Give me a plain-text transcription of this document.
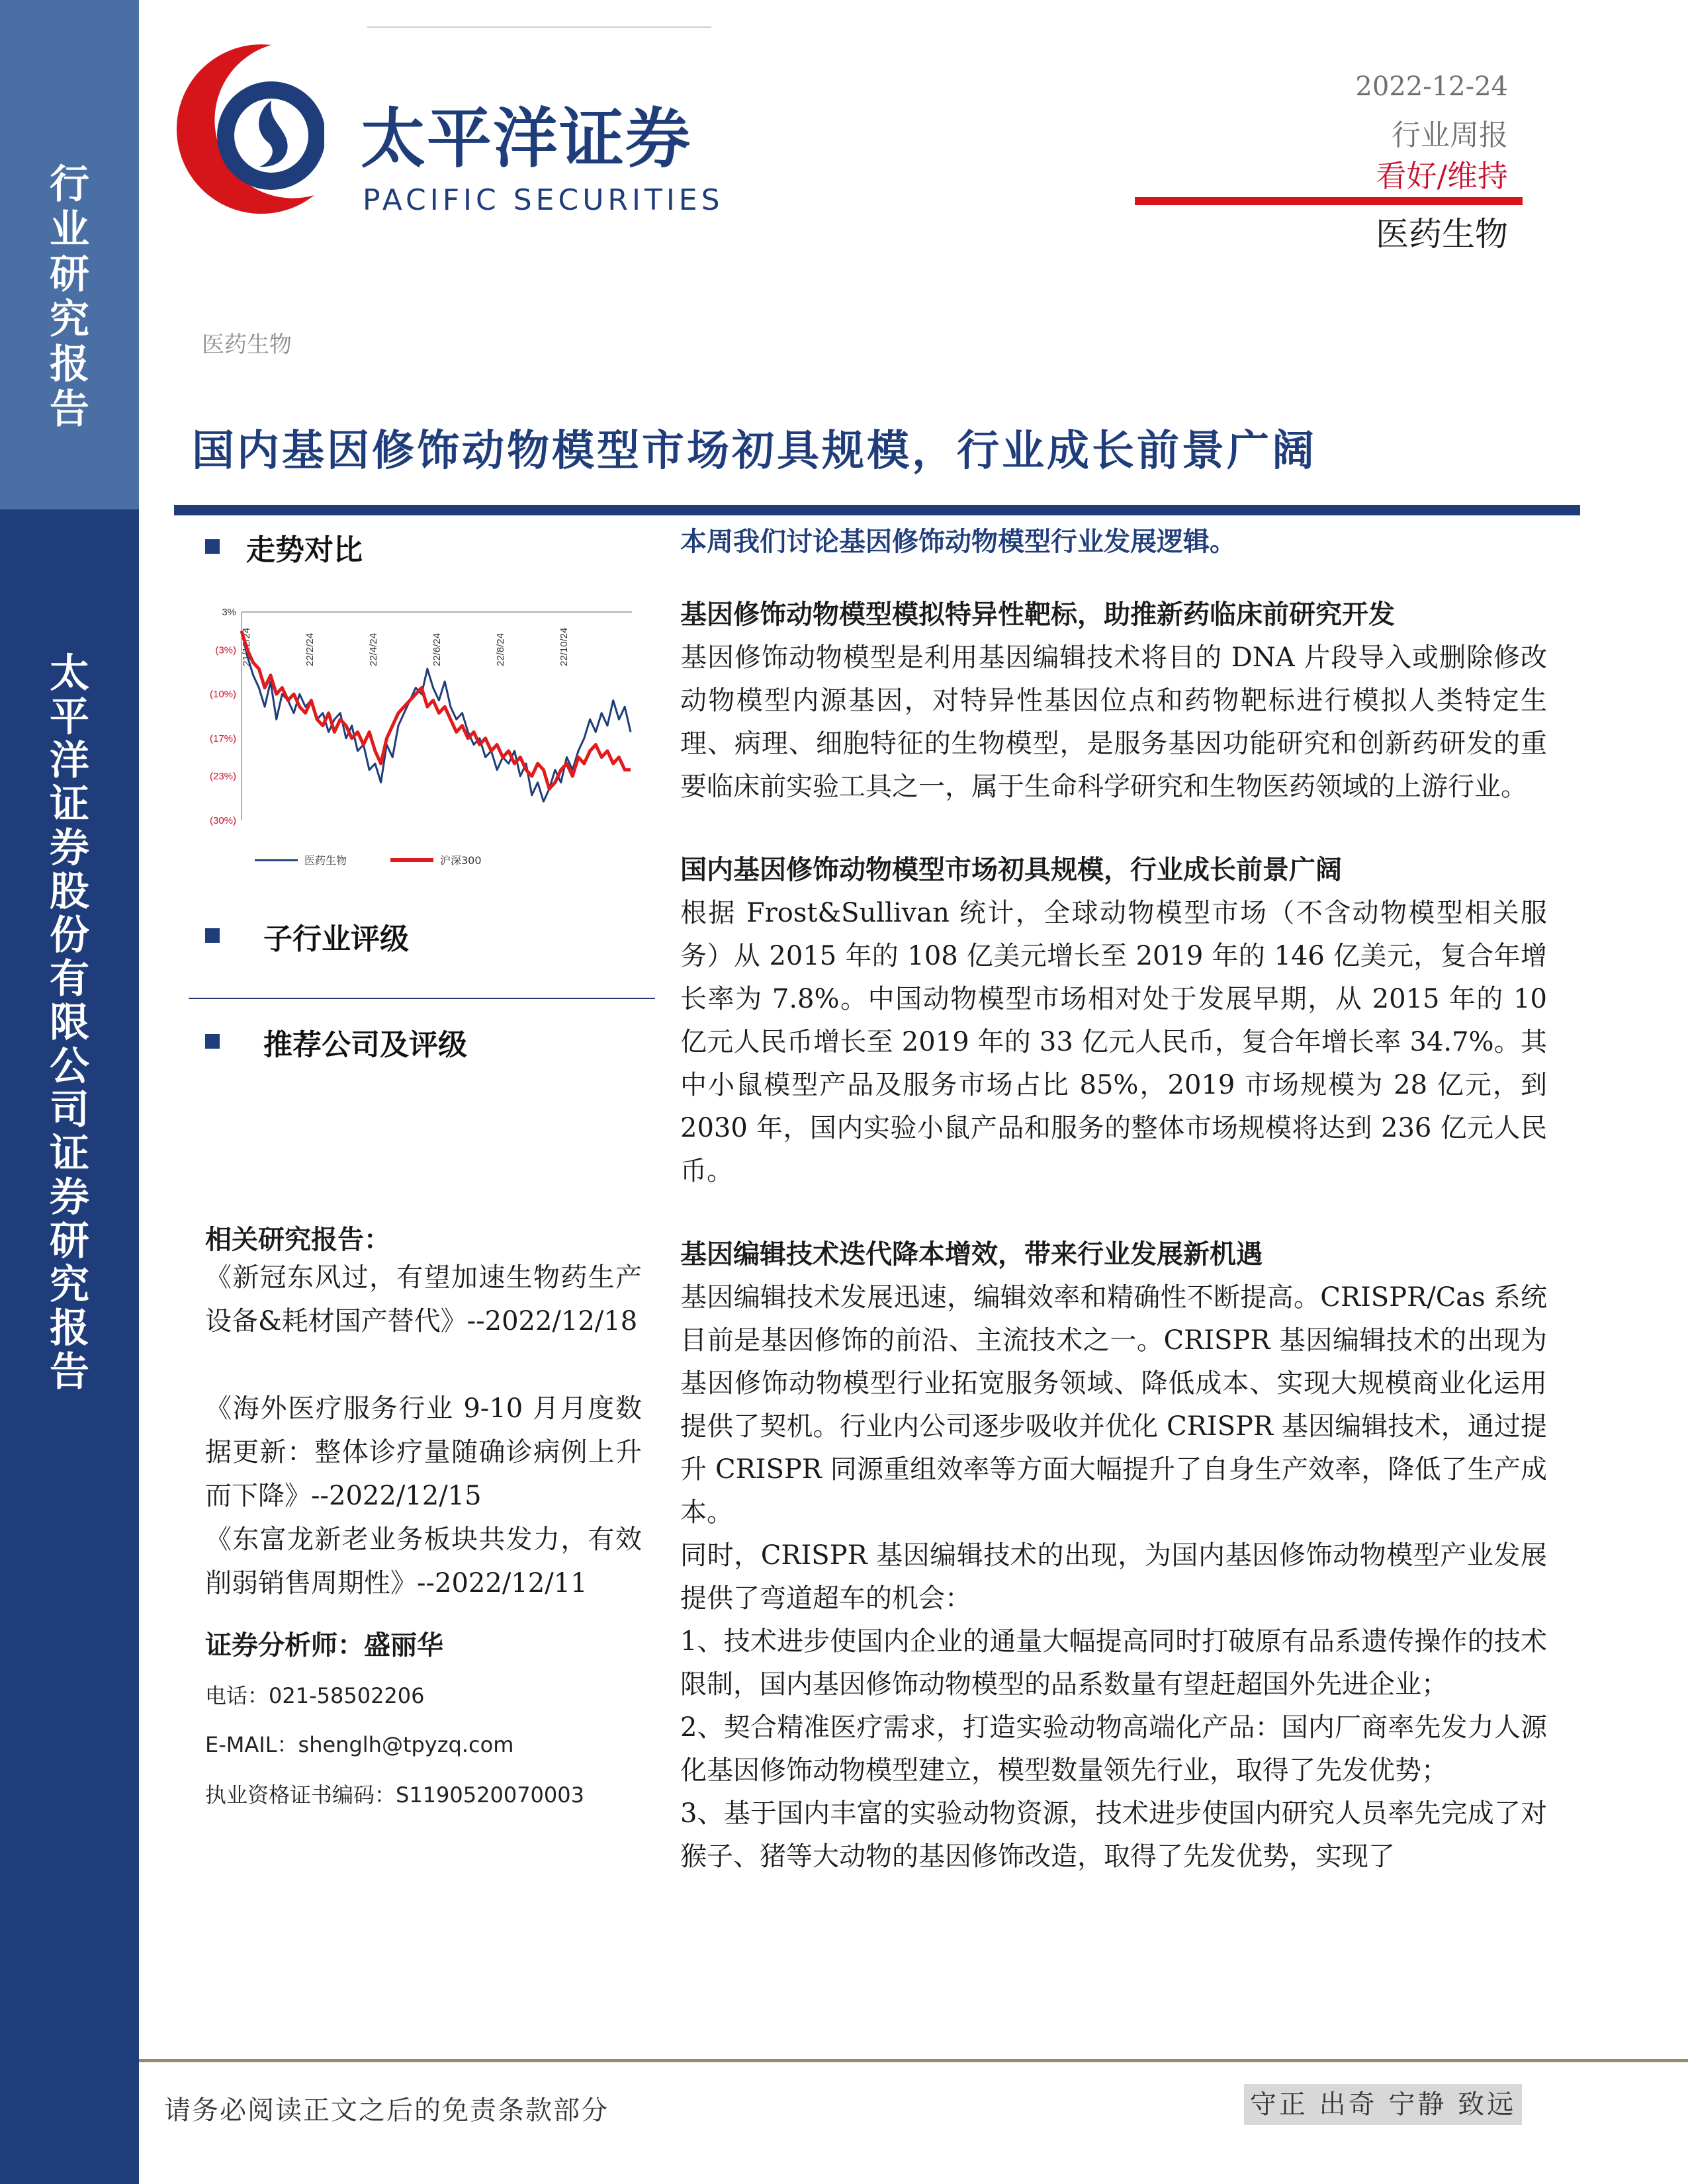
行业研究报告
太平洋证券股份有限公司证券研究报告
太平洋证券
PACIFIC SECURITIES
2022-12-24
行业周报
看好/维持
医药生物
医药生物
国内基因修饰动物模型市场初具规模，行业成长前景广阔
走势对比
3%
(3%)
(10%)
(17%)
(23%)
(30%)
21/12/24	22/2/24	22/4/24	22/6/24	22/8/24	22/10/24
医药生物	沪深300
子行业评级
推荐公司及评级
相关研究报告：
《新冠东风过，有望加速生物药生产设备&耗材国产替代》--2022/12/18
《海外医疗服务行业 9-10 月月度数据更新：整体诊疗量随确诊病例上升而下降》--2022/12/15
《东富龙新老业务板块共发力，有效削弱销售周期性》--2022/12/11
证券分析师：盛丽华
电话：021-58502206
E-MAIL：shenglh@tpyzq.com
执业资格证书编码：S1190520070003
本周我们讨论基因修饰动物模型行业发展逻辑。
基因修饰动物模型模拟特异性靶标，助推新药临床前研究开发

基因修饰动物模型是利用基因编辑技术将目的 DNA 片段导入或删除修改动物模型内源基因，对特异性基因位点和药物靶标进行模拟人类特定生理、病理、细胞特征的生物模型，是服务基因功能研究和创新药研发的重要临床前实验工具之一，属于生命科学研究和生物医药领域的上游行业。

国内基因修饰动物模型市场初具规模，行业成长前景广阔

根据 Frost&Sullivan 统计，全球动物模型市场（不含动物模型相关服务）从 2015 年的 108 亿美元增长至 2019 年的 146 亿美元，复合年增长率为 7.8%。中国动物模型市场相对处于发展早期，从 2015 年的 10 亿元人民币增长至 2019 年的 33 亿元人民币，复合年增长率 34.7%。其中小鼠模型产品及服务市场占比 85%，2019 市场规模为 28 亿元，到 2030 年，国内实验小鼠产品和服务的整体市场规模将达到 236 亿元人民币。

基因编辑技术迭代降本增效，带来行业发展新机遇

基因编辑技术发展迅速，编辑效率和精确性不断提高。CRISPR/Cas 系统目前是基因修饰的前沿、主流技术之一。CRISPR 基因编辑技术的出现为基因修饰动物模型行业拓宽服务领域、降低成本、实现大规模商业化运用提供了契机。行业内公司逐步吸收并优化 CRISPR 基因编辑技术，通过提升 CRISPR 同源重组效率等方面大幅提升了自身生产效率，降低了生产成本。

同时，CRISPR 基因编辑技术的出现，为国内基因修饰动物模型产业发展提供了弯道超车的机会：

1、技术进步使国内企业的通量大幅提高同时打破原有品系遗传操作的技术限制，国内基因修饰动物模型的品系数量有望赶超国外先进企业；

2、契合精准医疗需求，打造实验动物高端化产品：国内厂商率先发力人源化基因修饰动物模型建立，模型数量领先行业，取得了先发优势；

3、基于国内丰富的实验动物资源，技术进步使国内研究人员率先完成了对猴子、猪等大动物的基因修饰改造，取得了先发优势，实现了

请务必阅读正文之后的免责条款部分	守正 出奇 宁静 致远
